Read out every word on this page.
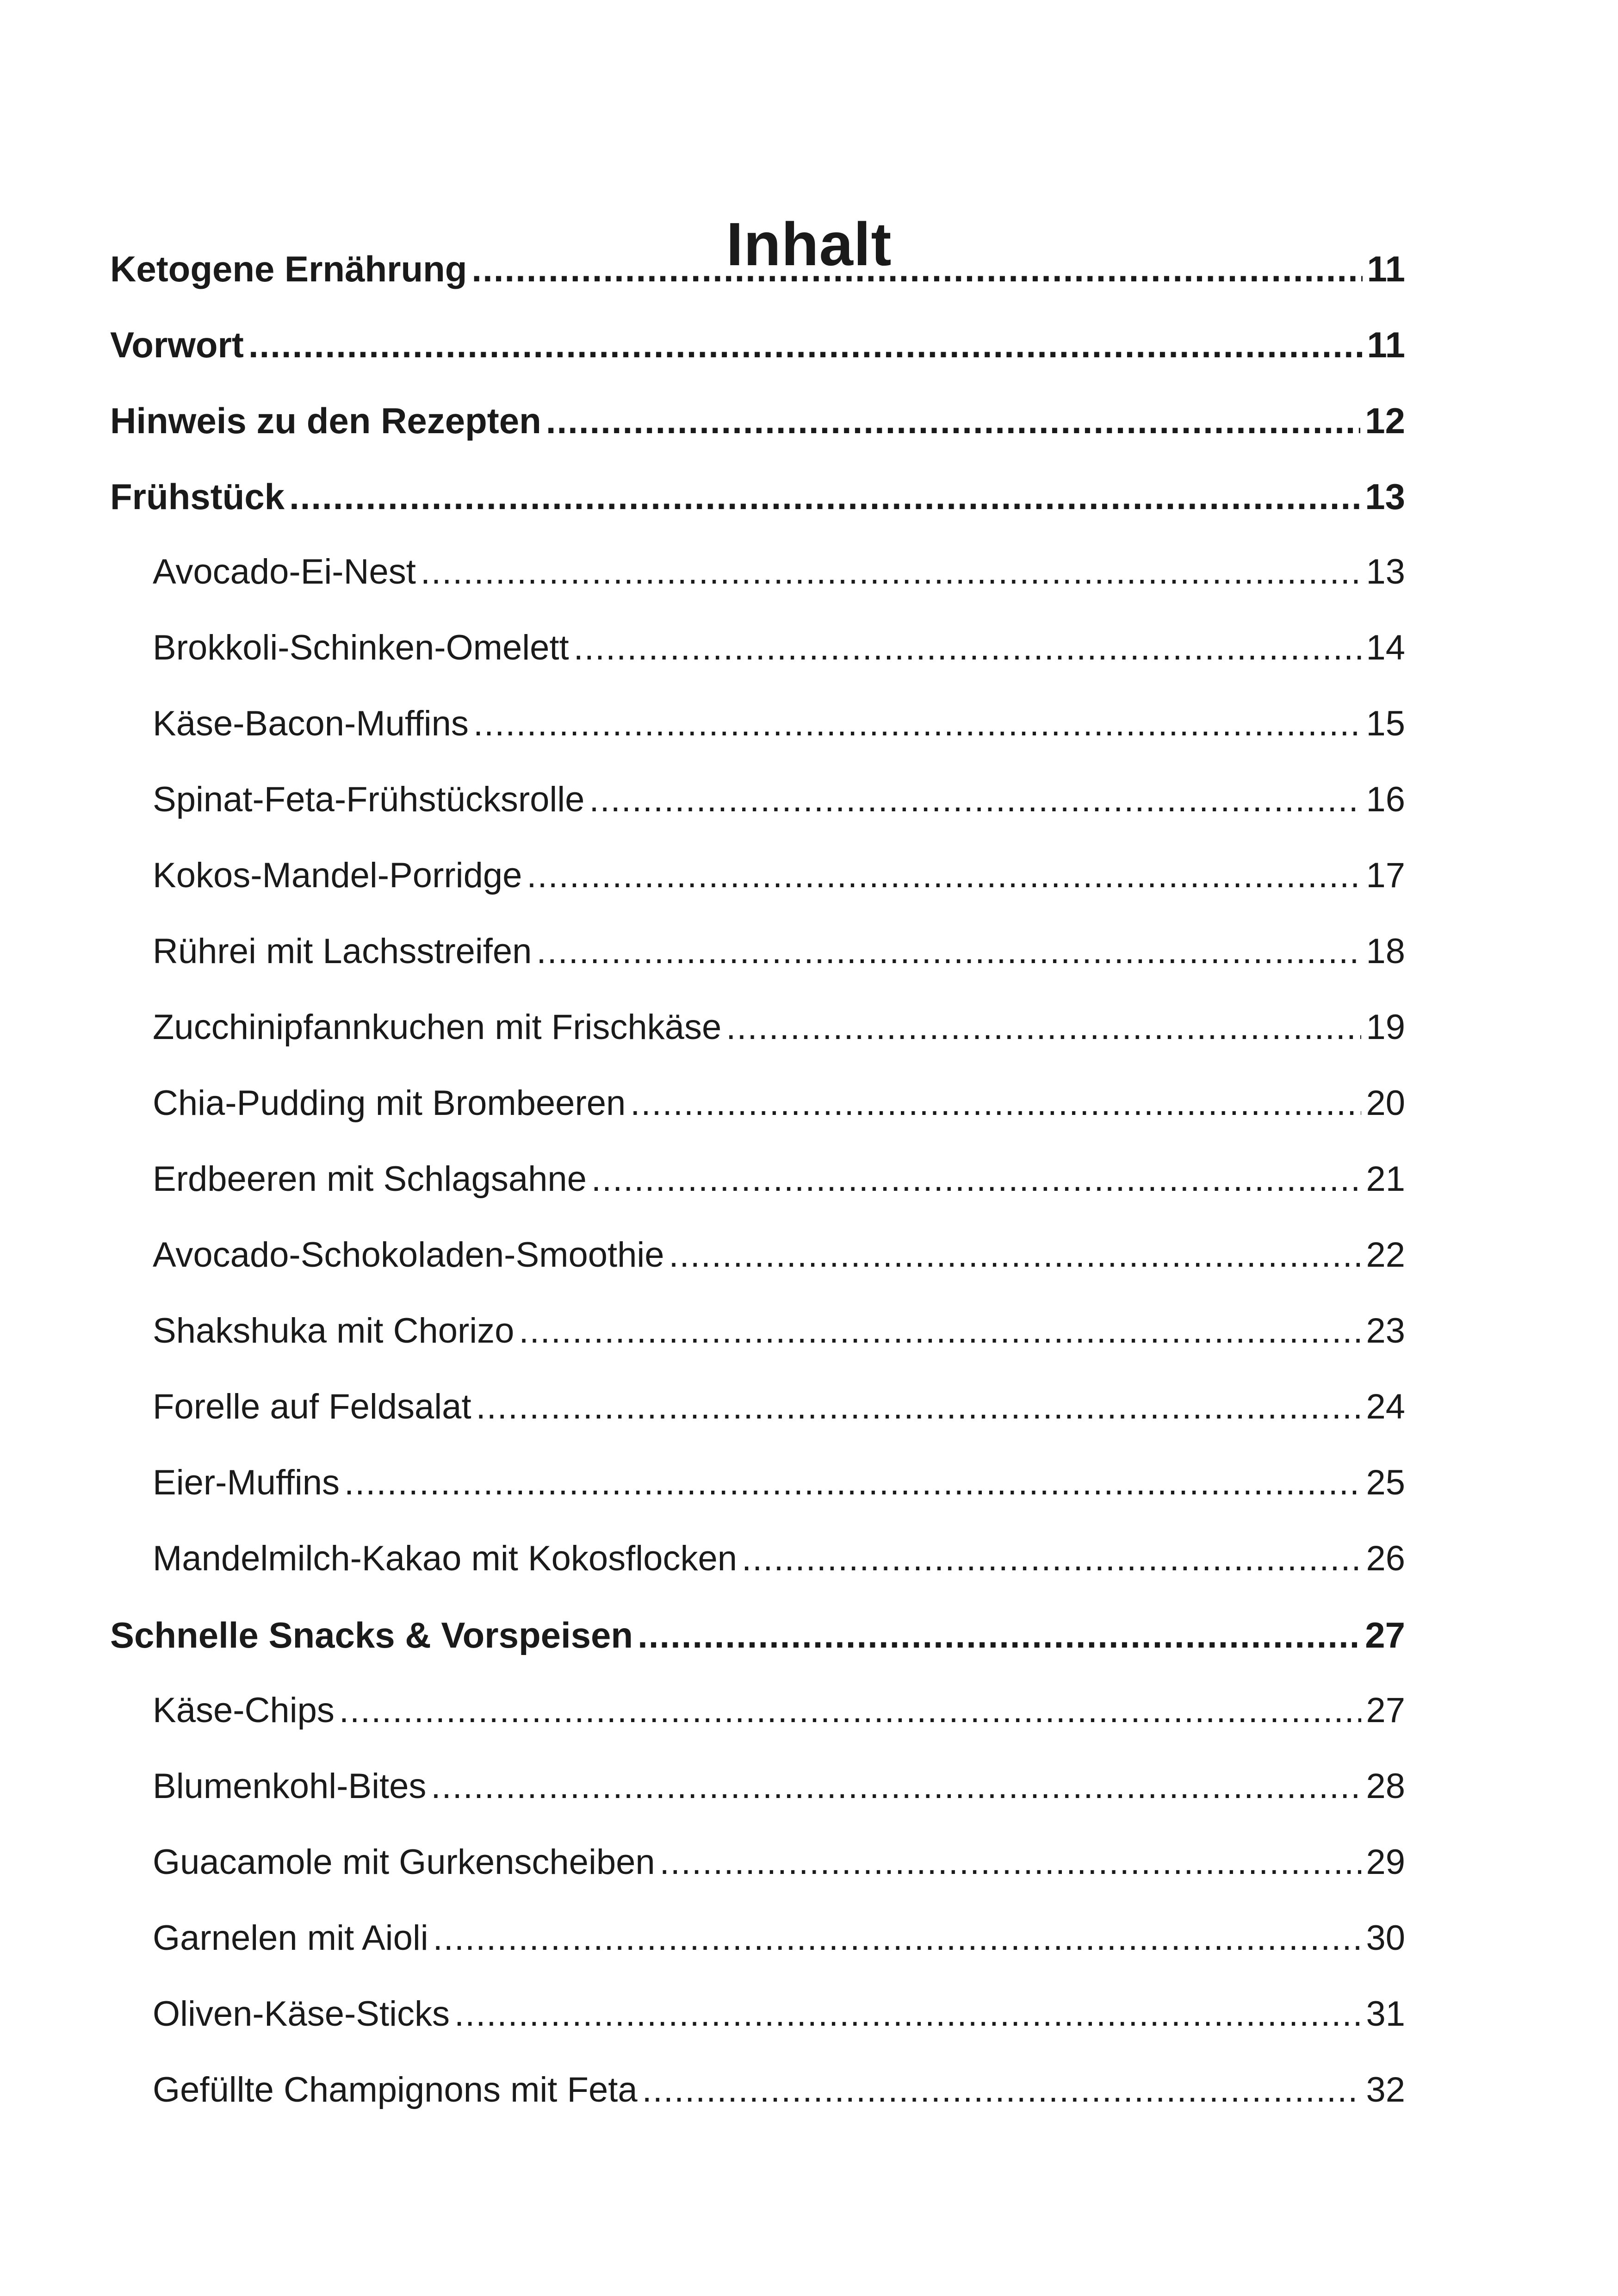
Inhalt
Ketogene Ernährung .....	11
Vorwort .....	11
Hinweis zu den Rezepten .....	12
Frühstück .....	13
Avocado-Ei-Nest .....	13
Brokkoli-Schinken-Omelett .....	14
Käse-Bacon-Muffins .....	15
Spinat-Feta-Frühstücksrolle .....	16
Kokos-Mandel-Porridge .....	17
Rührei mit Lachsstreifen .....	18
Zucchinipfannkuchen mit Frischkäse .....	19
Chia-Pudding mit Brombeeren .....	20
Erdbeeren mit Schlagsahne .....	21
Avocado-Schokoladen-Smoothie .....	22
Shakshuka mit Chorizo .....	23
Forelle auf Feldsalat .....	24
Eier-Muffins .....	25
Mandelmilch-Kakao mit Kokosflocken .....	26
Schnelle Snacks & Vorspeisen .....	27
Käse-Chips .....	27
Blumenkohl-Bites .....	28
Guacamole mit Gurkenscheiben .....	29
Garnelen mit Aioli .....	30
Oliven-Käse-Sticks .....	31
Gefüllte Champignons mit Feta .....	32
